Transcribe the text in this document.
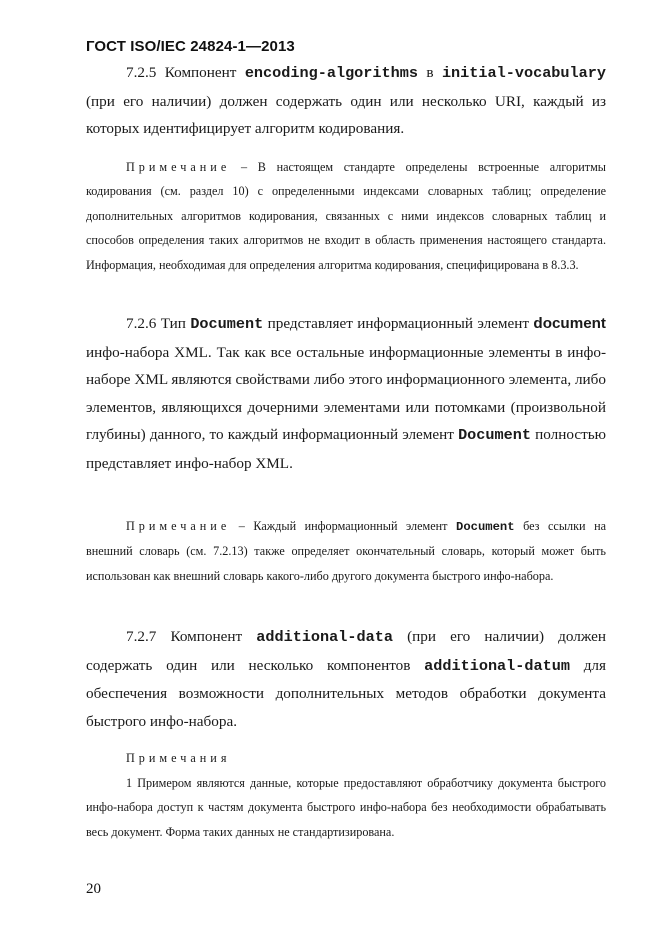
ГОСТ ISO/IEC 24824-1—2013

7.2.5 Компонент encoding-algorithms в initial-vocabulary (при его наличии) должен содержать один или несколько URI, каждый из которых идентифицирует алгоритм кодирования.

Примечание – В настоящем стандарте определены встроенные алгоритмы кодирования (см. раздел 10) с определенными индексами словарных таблиц; определение дополнительных алгоритмов кодирования, связанных с ними индексов словарных таблиц и способов определения таких алгоритмов не входит в область применения настоящего стандарта. Информация, необходимая для определения алгоритма кодирования, специфицирована в 8.3.3.

7.2.6 Тип Document представляет информационный элемент document инфо-набора XML. Так как все остальные информационные элементы в инфо-наборе XML являются свойствами либо этого информационного элемента, либо элементов, являющихся дочерними элементами или потомками (произвольной глубины) данного, то каждый информационный элемент Document полностью представляет инфо-набор XML.

Примечание – Каждый информационный элемент Document без ссылки на внешний словарь (см. 7.2.13) также определяет окончательный словарь, который может быть использован как внешний словарь какого-либо другого документа быстрого инфо-набора.

7.2.7 Компонент additional-data (при его наличии) должен содержать один или несколько компонентов additional-datum для обеспечения возможности дополнительных методов обработки документа быстрого инфо-набора.

Примечания

1 Примером являются данные, которые предоставляют обработчику документа быстрого инфо-набора доступ к частям документа быстрого инфо-набора без необходимости обрабатывать весь документ. Форма таких данных не стандартизирована.

20
